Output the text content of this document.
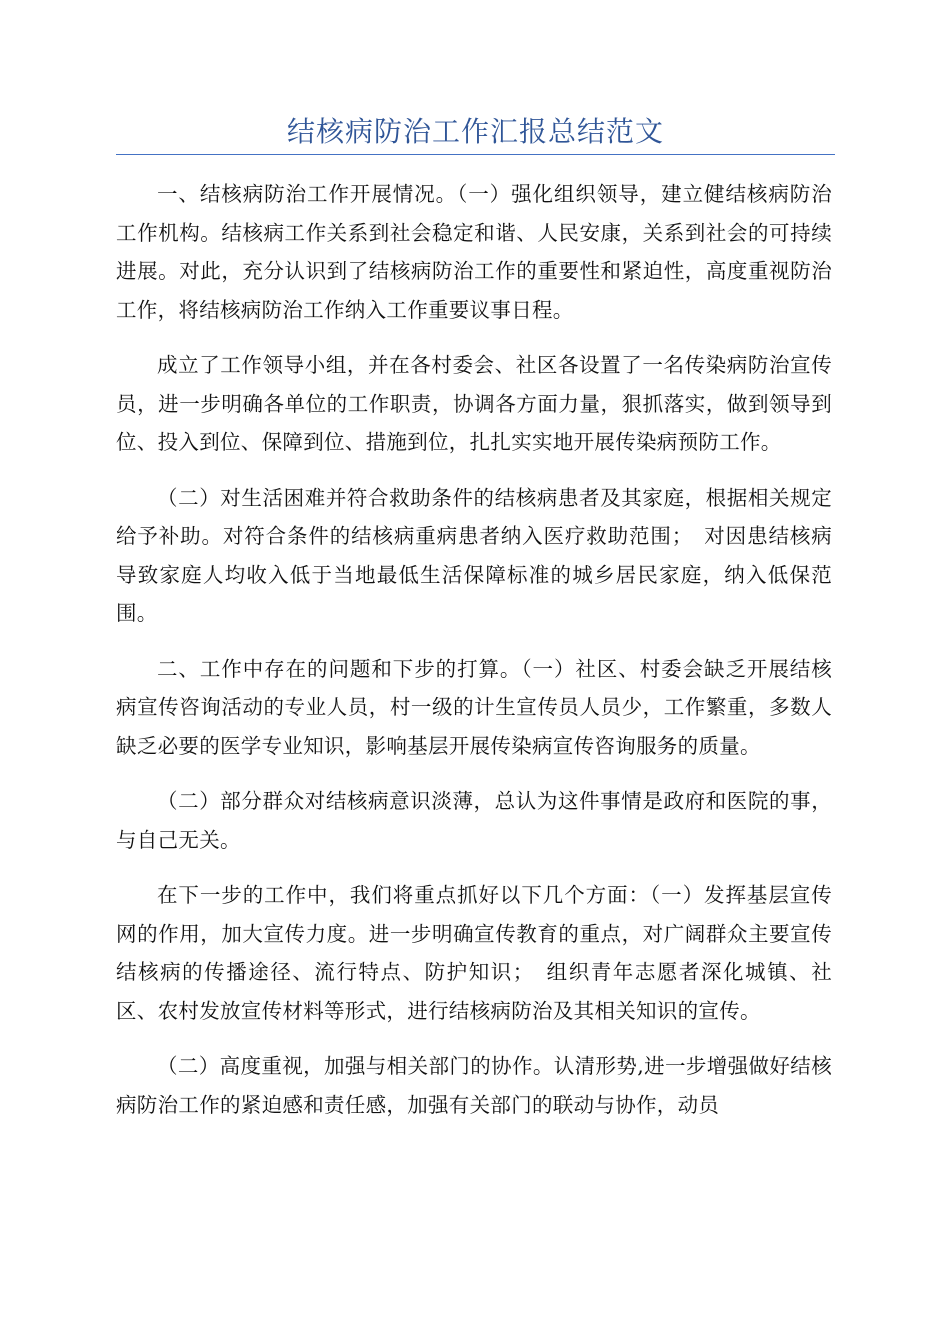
结核病防治工作汇报总结范文

一、结核病防治工作开展情况。（一）强化组织领导，建立健结核病防治工作机构。结核病工作关系到社会稳定和谐、人民安康，关系到社会的可持续进展。对此，充分认识到了结核病防治工作的重要性和紧迫性，高度重视防治工作，将结核病防治工作纳入工作重要议事日程。

成立了工作领导小组，并在各村委会、社区各设置了一名传染病防治宣传员，进一步明确各单位的工作职责，协调各方面力量，狠抓落实，做到领导到位、投入到位、保障到位、措施到位，扎扎实实地开展传染病预防工作。

（二）对生活困难并符合救助条件的结核病患者及其家庭，根据相关规定给予补助。对符合条件的结核病重病患者纳入医疗救助范围；　对因患结核病导致家庭人均收入低于当地最低生活保障标准的城乡居民家庭，纳入低保范围。

二、工作中存在的问题和下步的打算。（一）社区、村委会缺乏开展结核病宣传咨询活动的专业人员，村一级的计生宣传员人员少，工作繁重，多数人缺乏必要的医学专业知识，影响基层开展传染病宣传咨询服务的质量。

（二）部分群众对结核病意识淡薄，总认为这件事情是政府和医院的事，与自己无关。

在下一步的工作中，我们将重点抓好以下几个方面：（一）发挥基层宣传网的作用，加大宣传力度。进一步明确宣传教育的重点，对广阔群众主要宣传结核病的传播途径、流行特点、防护知识；　组织青年志愿者深化城镇、社区、农村发放宣传材料等形式，进行结核病防治及其相关知识的宣传。

（二）高度重视，加强与相关部门的协作。认清形势,进一步增强做好结核病防治工作的紧迫感和责任感，加强有关部门的联动与协作，动员
